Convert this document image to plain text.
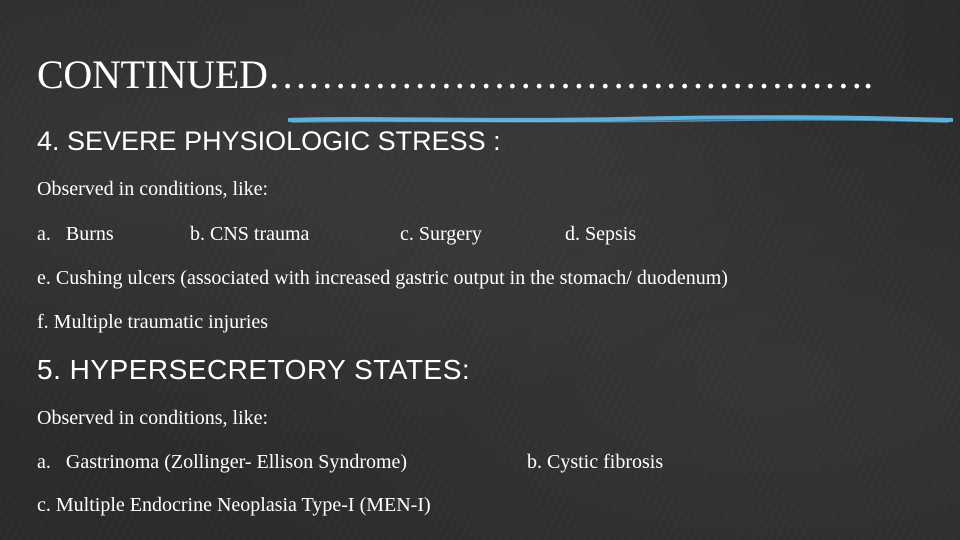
CONTINUED……………………………………….
4. SEVERE PHYSIOLOGIC STRESS :
Observed in conditions, like:
a.   Burns	b. CNS trauma	c. Surgery	d. Sepsis
e. Cushing ulcers (associated with increased gastric output in the stomach/ duodenum)
f. Multiple traumatic injuries
5. HYPERSECRETORY STATES:
Observed in conditions, like:
a.   Gastrinoma (Zollinger- Ellison Syndrome)	b. Cystic fibrosis
c. Multiple Endocrine Neoplasia Type-I (MEN-I)
